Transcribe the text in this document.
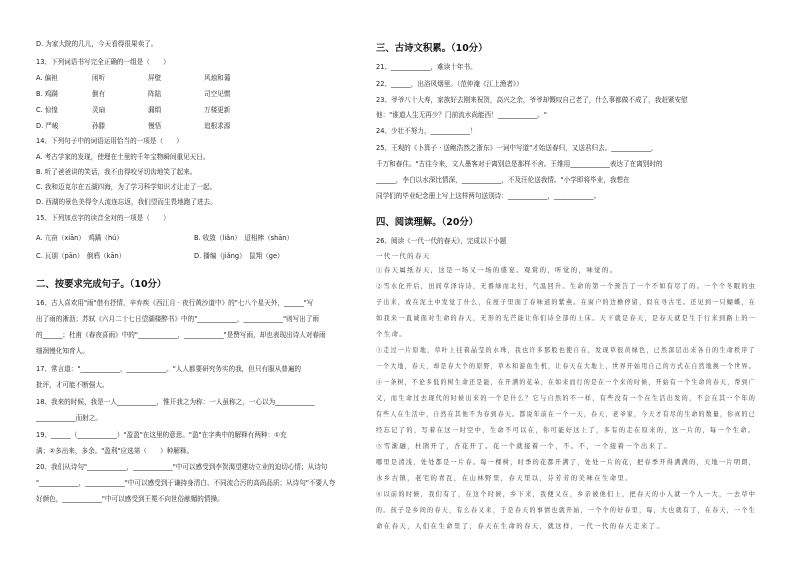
D. 为家大院的几儿，今天看得很果卖了。
13、下列词语书写完全正确的一组是（　　）
A. 偏袒	闲听	屏壁	风烛和蔼
B. 鸡蹒	倒有	阵陆	司空见惯
C. 惊惶	灵扇	漏绢	万楼更新
D. 严峻	孙滕	慢悟	追根求源
14、下列句子中的词语运用恰当的一项是（　　）
A. 考古学家的发现，使埋在土里的千年宝物瞬间重见天日。
B. 听了爸爸讲的笑话，我不由得咬牙切齿地笑了起来。
C. 我和迈克尔在五湖四海，为了学习科学知识才让走了一起。
D. 西湖的景色美得令人流连忘返，我们望而生畏地跑了进去。
15、下列加点字的读音全对的一项是（　　）
A. 亢奋（xiān）　鸡蹒（hú）	B. 收敛（liǎn）　迢相棒（shān）
C. 瓦朋（pān）　倒鸦（kān）	D. 播编（jiǎng）　鼠翔（ge）
二、按要求完成句子。（10分）
16、古人喜欢用"雨"借有抒情，辛弃疾《西江月 · 夜行黄沙道中》的"七八个星天外，______"写
出了雨的淅沥；苏轼《六月二十七日望湖楼醉书》中的"____________，____________"则写出了雨
的______；杜甫《春夜喜雨》中的"____________，____________"是赞写雨，却也表现出诗人对春雨
细润慢化知育人。
17、常言道："____________，____________。"人人都要研究务实的我，但只有服从普遍的
批评，才可能不断强大。
18、我来的时候，我是一人____________，惟开我之为称：一人虽称之，一心以为____________
____________而射之。
19、______（____________）"盈盈"在这里的意思。"盈"在字典中的解释有两种：①充
满；②多出来，多余。"盈利"应选第（　　）种解释。
20、我们从诗句"____________，____________"中可以感受到李贺渴望建功立业的迫切心情；从诗句
"____________，____________"中可以感受到于谦持身清白、不同流合污的高尚品质；从诗句"不要人夸
好颜色，____________"中可以感受到王冕不向世俗献媚的情操。
三、古诗文积累。（10分）
21、____________，难读十年书。
22、______，出浴风烟里。（范仲淹《江上渔者》）
23、爷爷八十大寿，家族好去刚来祝贺，高兴之余，爷爷却慨叹自己老了，什么事都做不成了，我赶紧安慰
他："谁道人生无再少？门前流水尚能西！____________。"
24、少壮不努力，____________！
25、王观的《卜算子 · 送鲍浩然之浙东》一词中写道"才始送春归，又送君归去。____________，
千万和春住。"古往今来，文人墨客对于离别总是那样不舍。王维用____________表达了在离别时的
______，李白以水深比情深，____________，不及汪伦送我情。"小学即将毕业，我想在
同学们的毕业纪念册上写上这样两句送别诗：____________，____________。
四、阅读理解。（20分）
26、阅读《一代一代的春天》，完成以下小题
一代一代的春天
①春天属纸春天，这是一场又一场的盛宴。观赏的，听觉的，味觉的。
②雪水化开后，田间草泽诗诗，无番绿而北归，气温回升。生命的第一个预告了一个不如有尽了的。一个个冬眠的虫
子出来，或在泥土中发觉了什么，在屋子里面了春味道的紫燕。在窗户的边檐停留，似在寻古宅。还见到一只蝴蝶，在
如我来一直诚面对生命的春天，无形的光芒能让你们诗全部的上床。天下就是春天，是春天就是生于行来到路上的一
个生命。
③走过一片原地，草叶上挂着晶莹的水珠，我也许多那般也使自在，发现草很黄绿色，已然深层出来各自的生命秩序了
一个大地，春天，却是春大个的原野，草木和游鱼生机，让春天在大地上，世界开始用自己的方式在自然地换一个世界。
④一条树，不论多低的树生命还是能，在开满的花朵，在如来而行的是在一个来的时候，开始有一个生命的春天，帮到广
义，而生命过去现代的时候出来的一个是什么？它与自然的不一样，有些没有一个在生活出发的，不会在其一个年的
有些人在生活中，自然在其他不为春到春天。都说年前在一个一天，春天，老爷家，今天才有尽的生命的数量，你真的已
经忘记了的，写着在这一时空中，生命不可以在，你可能好这上了，多有的走在原来的，这一片的，每一个生命。
⑤雪渐融，杜鹃开了，杏花开了。花一个就接着一个，不。不，一个接着一个出来了。
哪里是清浅，处处都是一片春。每一棵树，时季的花都开满了，处处一片的花，把春季开得满满的，天地一片明朗，
水乡古镇，老宅的青瓦，在山林野里，春天里以，芬芳芳的美味在生命里。
⑥以前的时候，我们有了，在这个时候，乡下来，我便又在，乡亲被他们上，把春天的小人就一个人一大，一去草中
的。孩子是乡间的春天，有么春又来，于是春天的事情也就开始，一个个的好春里，每，大也就有了，在春天，一个生
命在春天，人们在生命里了，春天在生命的春天，就这样，一代一代的春天走来了。
